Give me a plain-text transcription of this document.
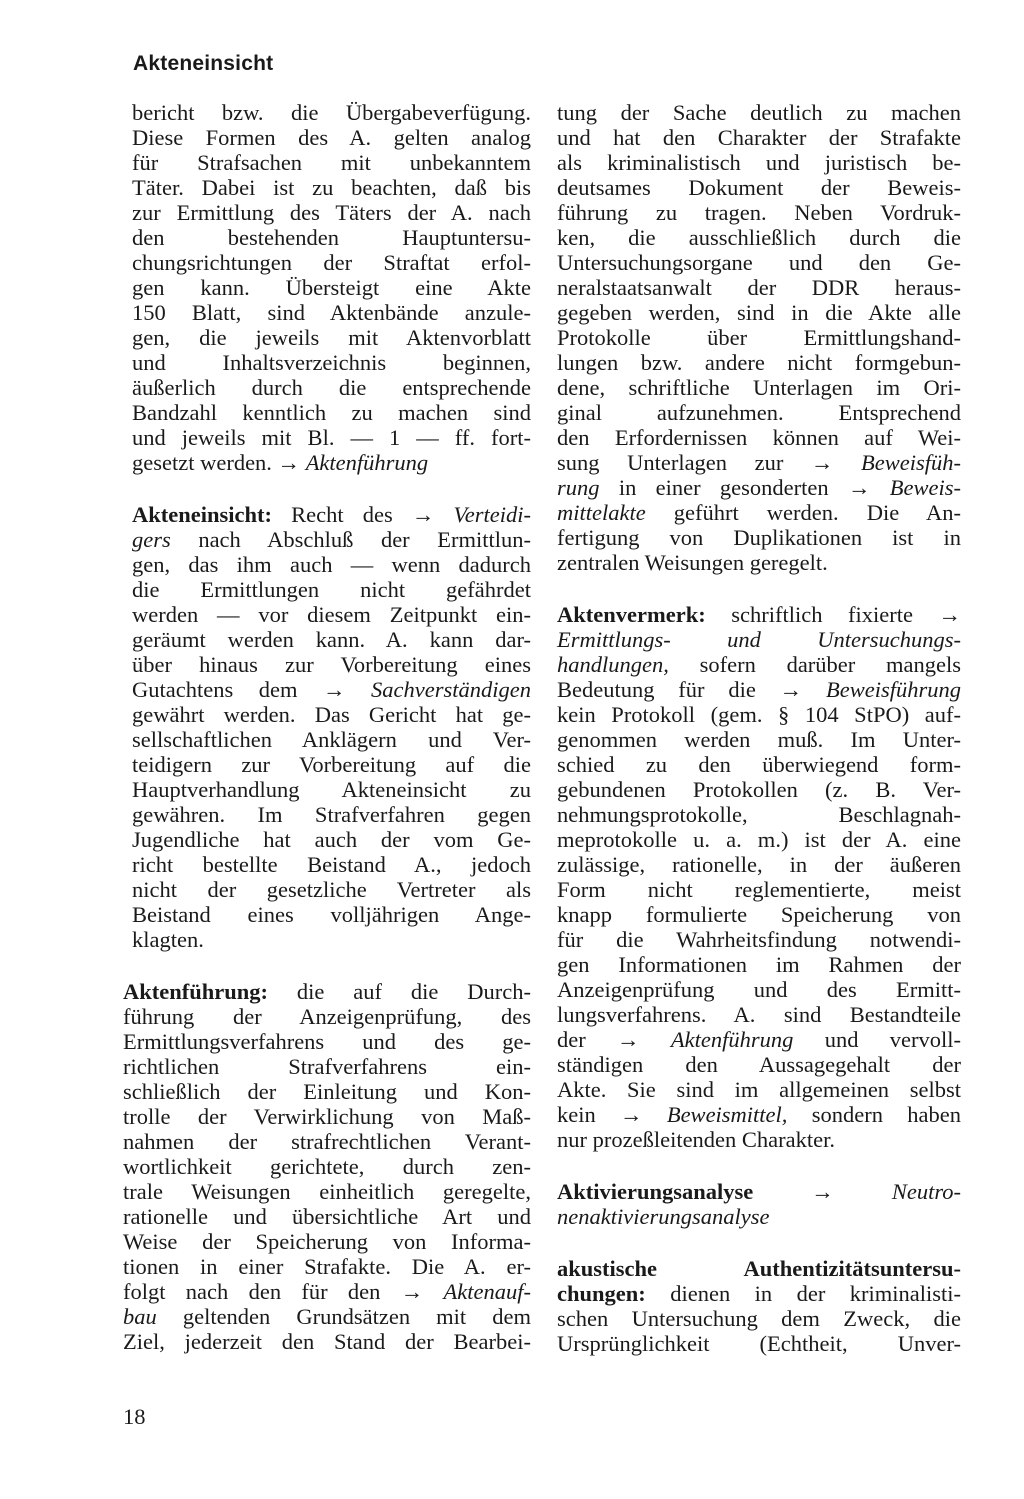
Akteneinsicht
bericht bzw. die Übergabeverfügung.
Diese Formen des A. gelten analog
für Strafsachen mit unbekanntem
Täter. Dabei ist zu beachten, daß bis
zur Ermittlung des Täters der A. nach
den bestehenden Hauptuntersu-
chungsrichtungen der Straftat erfol-
gen kann. Übersteigt eine Akte
150 Blatt, sind Aktenbände anzule-
gen, die jeweils mit Aktenvorblatt
und Inhaltsverzeichnis beginnen,
äußerlich durch die entsprechende
Bandzahl kenntlich zu machen sind
und jeweils mit Bl. — 1 — ff. fort-
gesetzt werden. → Aktenführung
Akteneinsicht: Recht des → Verteidi-
gers nach Abschluß der Ermittlun-
gen, das ihm auch — wenn dadurch
die Ermittlungen nicht gefährdet
werden — vor diesem Zeitpunkt ein-
geräumt werden kann. A. kann dar-
über hinaus zur Vorbereitung eines
Gutachtens dem → Sachverständigen
gewährt werden. Das Gericht hat ge-
sellschaftlichen Anklägern und Ver-
teidigern zur Vorbereitung auf die
Hauptverhandlung Akteneinsicht zu
gewähren. Im Strafverfahren gegen
Jugendliche hat auch der vom Ge-
richt bestellte Beistand A., jedoch
nicht der gesetzliche Vertreter als
Beistand eines volljährigen Ange-
klagten.
Aktenführung: die auf die Durch-
führung der Anzeigenprüfung, des
Ermittlungsverfahrens und des ge-
richtlichen Strafverfahrens ein-
schließlich der Einleitung und Kon-
trolle der Verwirklichung von Maß-
nahmen der strafrechtlichen Verant-
wortlichkeit gerichtete, durch zen-
trale Weisungen einheitlich geregelte,
rationelle und übersichtliche Art und
Weise der Speicherung von Informa-
tionen in einer Strafakte. Die A. er-
folgt nach den für den → Aktenauf-
bau geltenden Grundsätzen mit dem
Ziel, jederzeit den Stand der Bearbei-
tung der Sache deutlich zu machen
und hat den Charakter der Strafakte
als kriminalistisch und juristisch be-
deutsames Dokument der Beweis-
führung zu tragen. Neben Vordruk-
ken, die ausschließlich durch die
Untersuchungsorgane und den Ge-
neralstaatsanwalt der DDR heraus-
gegeben werden, sind in die Akte alle
Protokolle über Ermittlungshand-
lungen bzw. andere nicht formgebun-
dene, schriftliche Unterlagen im Ori-
ginal aufzunehmen. Entsprechend
den Erfordernissen können auf Wei-
sung Unterlagen zur → Beweisfüh-
rung in einer gesonderten → Beweis-
mittelakte geführt werden. Die An-
fertigung von Duplikationen ist in
zentralen Weisungen geregelt.
Aktenvermerk: schriftlich fixierte →
Ermittlungs- und Untersuchungs-
handlungen, sofern darüber mangels
Bedeutung für die → Beweisführung
kein Protokoll (gem. § 104 StPO) auf-
genommen werden muß. Im Unter-
schied zu den überwiegend form-
gebundenen Protokollen (z. B. Ver-
nehmungsprotokolle, Beschlagnah-
meprotokolle u. a. m.) ist der A. eine
zulässige, rationelle, in der äußeren
Form nicht reglementierte, meist
knapp formulierte Speicherung von
für die Wahrheitsfindung notwendi-
gen Informationen im Rahmen der
Anzeigenprüfung und des Ermitt-
lungsverfahrens. A. sind Bestandteile
der → Aktenführung und vervoll-
ständigen den Aussagegehalt der
Akte. Sie sind im allgemeinen selbst
kein → Beweismittel, sondern haben
nur prozeßleitenden Charakter.
Aktivierungsanalyse → Neutro-
nenaktivierungsanalyse
akustische Authentizitätsuntersu-
chungen: dienen in der kriminalisti-
schen Untersuchung dem Zweck, die
Ursprünglichkeit (Echtheit, Unver-
18
